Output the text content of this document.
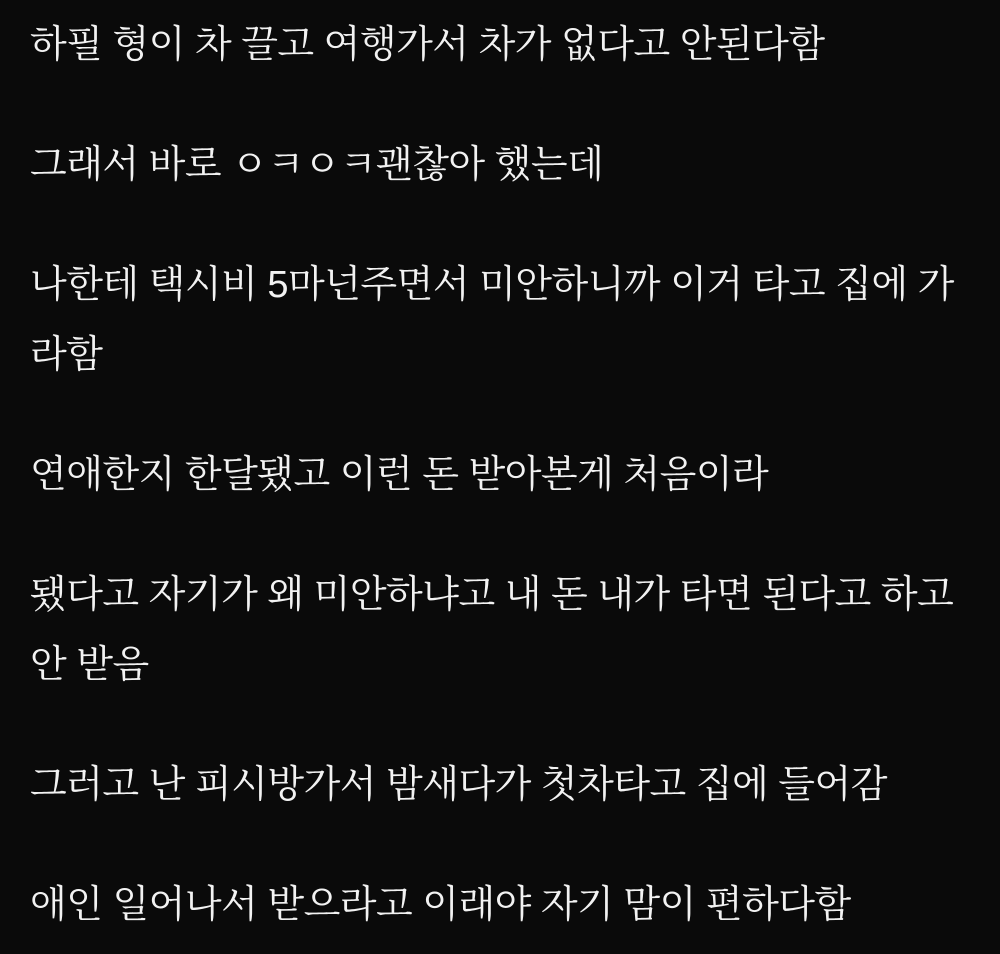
하필 형이 차 끌고 여행가서 차가 없다고 안된다함
그래서 바로 ㅇㅋㅇㅋ괜찮아 했는데
나한테 택시비 5마넌주면서 미안하니까 이거 타고 집에 가
라함
연애한지 한달됐고 이런 돈 받아본게 처음이라
됐다고 자기가 왜 미안하냐고 내 돈 내가 타면 된다고 하고
안 받음
그러고 난 피시방가서 밤새다가 첫차타고 집에 들어감
애인 일어나서 받으라고 이래야 자기 맘이 편하다함
